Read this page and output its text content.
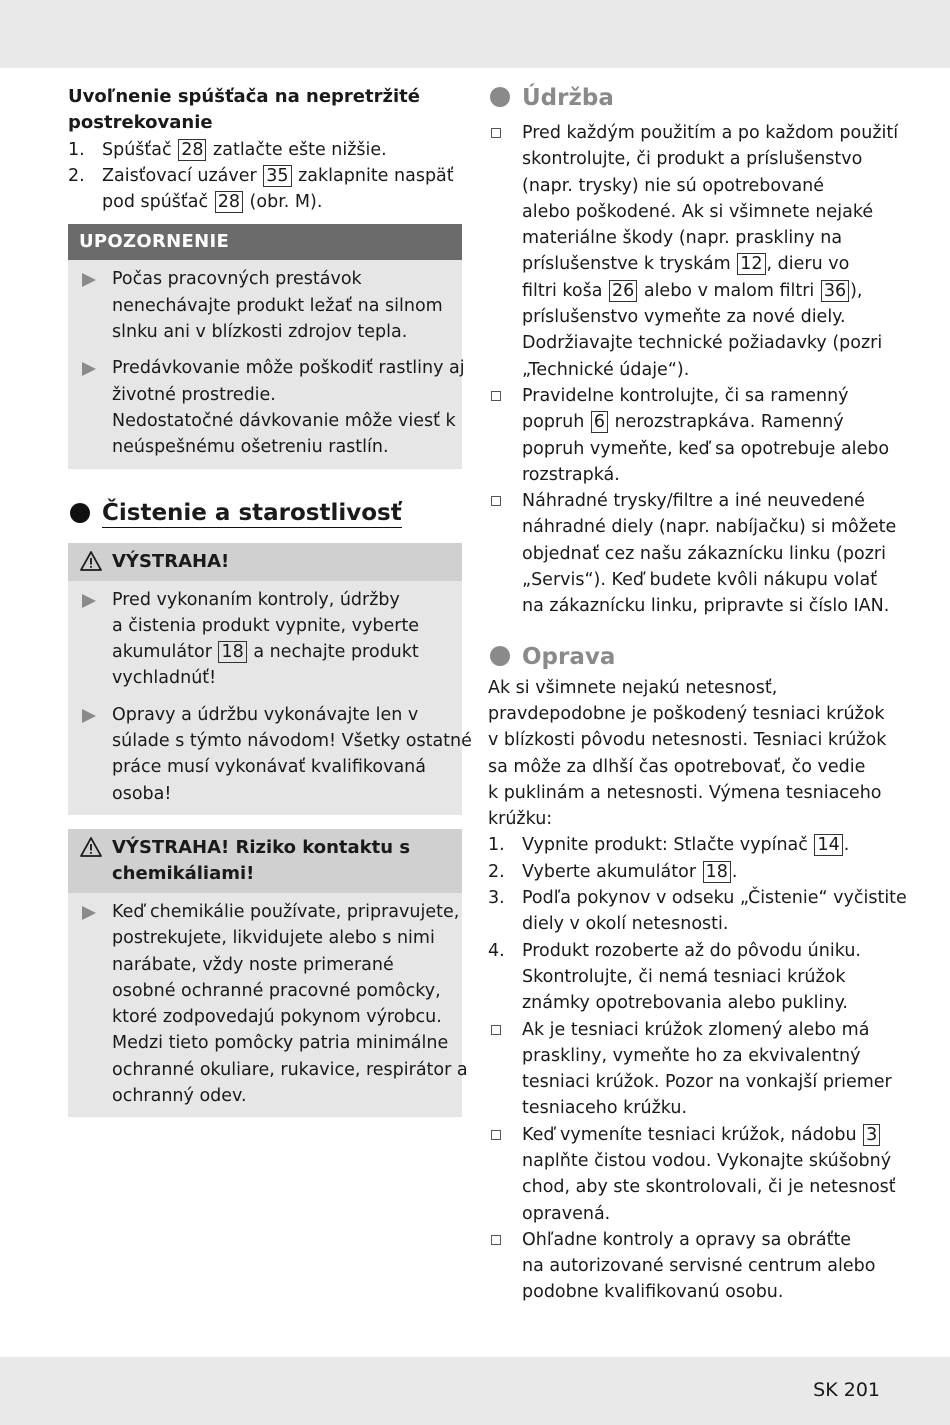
Uvoľnenie spúšťača na nepretržité
postrekovanie
1. Spúšťač 28 zatlačte ešte nižšie.
2. Zaisťovací uzáver 35 zaklapnite naspäť
pod spúšťač 28 (obr. M).
UPOZORNENIE
Počas pracovných prestávok
nenechávajte produkt ležať na silnom
slnku ani v blízkosti zdrojov tepla.
Predávkovanie môže poškodiť rastliny aj
životné prostredie.
Nedostatočné dávkovanie môže viesť k
neúspešnému ošetreniu rastlín.
Čistenie a starostlivosť
VÝSTRAHA!
Pred vykonaním kontroly, údržby
a čistenia produkt vypnite, vyberte
akumulátor 18 a nechajte produkt
vychladnúť!
Opravy a údržbu vykonávajte len v
súlade s týmto návodom! Všetky ostatné
práce musí vykonávať kvalifikovaná
osoba!
VÝSTRAHA! Riziko kontaktu s
chemikáliami!
Keď chemikálie používate, pripravujete,
postrekujete, likvidujete alebo s nimi
narábate, vždy noste primerané
osobné ochranné pracovné pomôcky,
ktoré zodpovedajú pokynom výrobcu.
Medzi tieto pomôcky patria minimálne
ochranné okuliare, rukavice, respirátor a
ochranný odev.
Údržba
Pred každým použitím a po každom použití
skontrolujte, či produkt a príslušenstvo
(napr. trysky) nie sú opotrebované
alebo poškodené. Ak si všimnete nejaké
materiálne škody (napr. praskliny na
príslušenstve k tryskám 12 , dieru vo
filtri koša 26 alebo v malom filtri 36 ),
príslušenstvo vymeňte za nové diely.
Dodržiavajte technické požiadavky (pozri
„Technické údaje“).
Pravidelne kontrolujte, či sa ramenný
popruh 6 nerozstrapkáva. Ramenný
popruh vymeňte, keď sa opotrebuje alebo
rozstrapká.
Náhradné trysky/filtre a iné neuvedené
náhradné diely (napr. nabíjačku) si môžete
objednať cez našu zákaznícku linku (pozri
„Servis“). Keď budete kvôli nákupu volať
na zákaznícku linku, pripravte si číslo IAN.
Oprava
Ak si všimnete nejakú netesnosť,
pravdepodobne je poškodený tesniaci krúžok
v blízkosti pôvodu netesnosti. Tesniaci krúžok
sa môže za dlhší čas opotrebovať, čo vedie
k puklinám a netesnosti. Výmena tesniaceho
krúžku:
1. Vypnite produkt: Stlačte vypínač 14 .
2. Vyberte akumulátor 18 .
3. Podľa pokynov v odseku „Čistenie“ vyčistite
diely v okolí netesnosti.
4. Produkt rozoberte až do pôvodu úniku.
Skontrolujte, či nemá tesniaci krúžok
známky opotrebovania alebo pukliny.
Ak je tesniaci krúžok zlomený alebo má
praskliny, vymeňte ho za ekvivalentný
tesniaci krúžok. Pozor na vonkajší priemer
tesniaceho krúžku.
Keď vymeníte tesniaci krúžok, nádobu 3
naplňte čistou vodou. Vykonajte skúšobný
chod, aby ste skontrolovali, či je netesnosť
opravená.
Ohľadne kontroly a opravy sa obráťte
na autorizované servisné centrum alebo
podobne kvalifikovanú osobu.
SK 201
